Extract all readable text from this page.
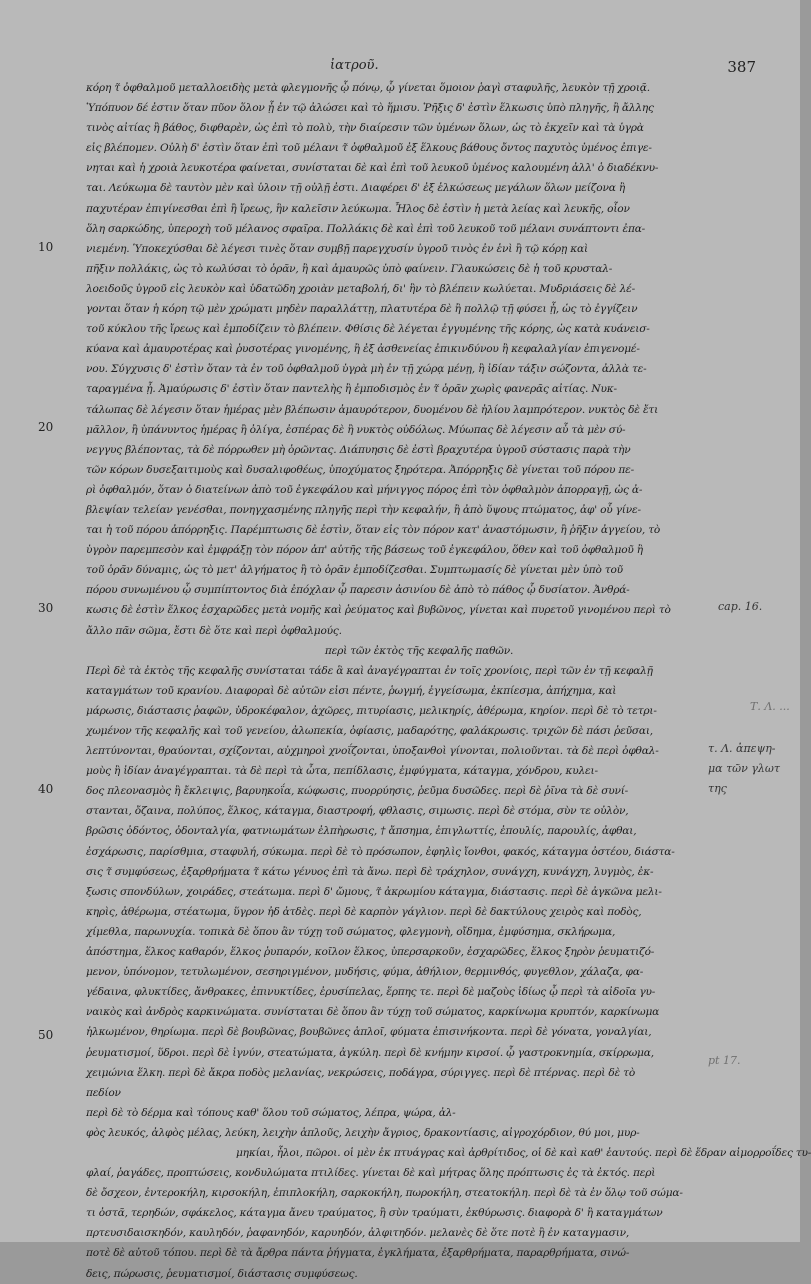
ἰατροῦ.	387
10
20
30
40
50
cap. 16.
Τ. Λ. ...
τ. Λ. ἀπεψη-
μα τῶν γλωτ
της
pt 17.
κόρη τ̃ ὀφθαλμοῦ μεταλλοειδὴς μετὰ φλεγμονῆς ᾧ πόνῳ, ᾧ γίνεται ὅμοιον ῥαγὶ σταφυλῆς, λευκὸν τῇ χροιᾷ.
Ὑπόπυον δέ ἐστιν ὅταν πῦον ὅλον ᾖ ἐν τῷ ἀλώσει καὶ τὸ ἥμισυ. Ῥῆξις δ' ἐστὶν ἕλκωσις ὑπὸ πληγῆς, ἢ ἄλλης
τινὸς αἰτίας ἢ βάθος, διφθαρὲν, ὡς ἐπὶ τὸ πολὺ, τὴν διαίρεσιν τῶν ὑμένων ὅλων, ὡς τὸ ἐκχεῖν καὶ τὰ ὑγρὰ
εἰς βλέπομεν. Οὐλὴ δ' ἐστὶν ὅταν ἐπὶ τοῦ μέλανι τ̃ ὀφθαλμοῦ ἐξ ἕλκους βάθους ὄντος παχυτὸς ὑμένος ἐπιγε-
νηται καὶ ἡ χροιὰ λευκοτέρα φαίνεται, συνίσταται δὲ καὶ ἐπὶ τοῦ λευκοῦ ὑμένος καλουμένη ἀλλ' ὁ διαδέκνυ-
ται. Λεύκωμα δὲ ταυτὸν μὲν καὶ ὑλοιν τῇ οὐλῇ ἐστι. Διαφέρει δ' ἐξ ἑλκώσεως μεγάλων ὅλων μείζονα ἢ
παχυτέραν ἐπιγίνεσθαι ἐπὶ ἢ ἴρεως, ἣν καλεῖσιν λεύκωμα. Ἦλος δὲ ἐστὶν ἡ μετὰ λείας καὶ λευκῆς, οἷον
ὅλη σαρκώδης, ὑπεροχὴ τοῦ μέλανος σφαῖρα. Πολλάκις δὲ καὶ ἐπὶ τοῦ λευκοῦ τοῦ μέλανι συνάπτοντι ἐπα-
νιεμένη. Ὑποκεχύσθαι δὲ λέγεσι τινὲς ὅταν συμβῇ παρεγχυσίν ὑγροῦ τινὸς ἐν ἑνὶ ἢ τῷ κόρῃ καὶ
πῆξιν πολλάκις, ὡς τὸ κωλύσαι τὸ ὁρᾶν, ἢ καὶ ἀμαυρῶς ὑπὸ φαίνειν. Γλαυκώσεις δὲ ἡ τοῦ κρυσταλ-
λοειδοῦς ὑγροῦ εἰς λευκὸν καὶ ὑδατῶδη χροιὰν μεταβολή, δι' ἣν τὸ βλέπειν κωλύεται. Μυδριάσεις δὲ λέ-
γονται ὅταν ἡ κόρη τῷ μὲν χρώματι μηδὲν παραλλάττῃ, πλατυτέρα δὲ ἢ πολλῷ τῇ φύσει ᾖ, ὡς τὸ ἐγγίζειν
τοῦ κύκλου τῆς ἴρεως καὶ ἐμποδίζειν τὸ βλέπειν. Φθίσις δὲ λέγεται ἐγγυμένης τῆς κόρης, ὡς κατὰ κυάνεισ-
κύανα καὶ ἀμαυροτέρας καὶ ῥυσοτέρας γινομένης, ἢ ἐξ ἀσθενείας ἐπικινδύνου ἢ κεφαλαλγίαν ἐπιγενομέ-
νου. Σύγχυσις δ' ἐστὶν ὅταν τὰ ἐν τοῦ ὀφθαλμοῦ ὑγρὰ μὴ ἐν τῇ χώρᾳ μένῃ, ἢ ἰδίαν τάξιν σώζοντα, ἀλλὰ τε-
ταραγμένα ᾖ. Ἀμαύρωσις δ' ἐστὶν ὅταν παντελὴς ἢ ἐμποδισμὸς ἐν τ̃ ὁρᾶν χωρὶς φανερᾶς αἰτίας. Νυκ-
τάλωπας δὲ λέγεσιν ὅταν ἡμέρας μὲν βλέπωσιν ἀμαυρότερον, δυομένου δὲ ἡλίου λαμπρότερον. νυκτὸς δὲ ἔτι
μᾶλλον, ἢ ὑπάνυντος ἡμέρας ἢ ὀλίγα, ἐσπέρας δὲ ἢ νυκτὸς οὐδόλως. Μύωπας δὲ λέγεσιν αὖ τὰ μὲν σύ-
νεγγυς βλέποντας, τὰ δὲ πόρρωθεν μὴ ὁρῶντας. Διάπυησις δὲ ἐστὶ βραχυτέρα ὑγροῦ σύστασις παρὰ τὴν
τῶν κόρων δυσεξαιτιμοὺς καὶ δυσαλιφοθέως, ὑποχύματος ξηρότερα. Ἀπόρρηξις δὲ γίνεται τοῦ πόρου πε-
ρὶ ὀφθαλμόν, ὅταν ὁ διατείνων ἀπὸ τοῦ ἐγκεφάλου καὶ μήνιγγος πόρος ἐπὶ τὸν ὀφθαλμὸν ἀπορραγῇ, ὡς ἀ-
βλεψίαν τελείαν γενέσθαι, πονηγχασμένης πληγῆς περὶ τὴν κεφαλήν, ἢ ἀπὸ ὕψους πτώματος, ἀφ' οὗ γίνε-
ται ἡ τοῦ πόρου ἀπόρρηξις. Παρέμπτωσις δὲ ἐστὶν, ὅταν εἰς τὸν πόρον κατ' ἀναστόμωσιν, ἢ ῥῆξιν ἀγγείου, τὸ
ὑγρὸν παρεμπεσὸν καὶ ἐμφράξῃ τὸν πόρον ἀπ' αὐτῆς τῆς βάσεως τοῦ ἐγκεφάλου, ὅθεν καὶ τοῦ ὀφθαλμοῦ ἢ
τοῦ ὁρᾶν δύναμις, ὡς τὸ μετ' ἀλγήματος ἢ τὸ ὁρᾶν ἐμποδίζεσθαι. Συμπτωμασίς δὲ γίνεται μὲν ὑπὸ τοῦ
πόρου συνωμένου ᾧ συμπίπτοντος διὰ ἐπόχλαν ᾧ παρεσιν ἀσινίου δὲ ἀπὸ τὸ πάθος ᾧ δυσίατον. Ἀνθρά-
κωσις δὲ ἐστὶν ἕλκος ἐσχαρῶδες μετὰ νομῆς καὶ ῥεύματος καὶ βυβῶνος, γίνεται καὶ πυρετοῦ γινομένου περὶ τὸ
ἄλλο πᾶν σῶμα, ἔστι δὲ ὅτε καὶ περὶ ὀφθαλμούς.
περὶ τῶν ἐκτὸς τῆς κεφαλῆς παθῶν.
Περὶ δὲ τὰ ἐκτὸς τῆς κεφαλῆς συνίσταται τάδε ἃ καὶ ἀναγέγραπται ἐν τοῖς χρονίοις, περὶ τῶν ἐν τῇ κεφαλῇ
καταγμάτων τοῦ κρανίου. Διαφοραὶ δὲ αὐτῶν εἰσι πέντε, ῥωγμή, ἐγγείσωμα, ἐκπίεσμα, ἀπήχημα, καὶ
μάρωσις, διάστασις ῥαφῶν, ὑδροκέφαλον, ἀχῶρες, πιτυρίασις, μελικηρίς, ἀθέρωμα, κηρίον. περὶ δὲ τὸ τετρι-
χωμένον τῆς κεφαλῆς καὶ τοῦ γενείου, ἀλωπεκία, ὀφίασις, μαδαρότης, φαλάκρωσις. τριχῶν δὲ πάσι ῥεῦσαι,
λεπτύνονται, θραύονται, σχίζονται, αὐχμηροὶ χνοΐζονται, ὑποξανθοὶ γίνονται, πολιοῦνται. τὰ δὲ περὶ ὀφθαλ-
μοὺς ἢ ἰδίαν ἀναγέγραπται. τὰ δὲ περὶ τὰ ὦτα, πεπίδλασις, ἐμφύγματα, κάταγμα, χόνδρου, κυλει-
δος πλεονασμὸς ἢ ἔκλειψις, βαρυηκοΐα, κώφωσις, πυορρύησις, ῥεῦμα δυσῶδες. περὶ δὲ ῥῖνα τὰ δὲ συνί-
στανται, ὄζαινα, πολύπος, ἕλκος, κάταγμα, διαστροφή, φθλασις, σιμωσις. περὶ δὲ στόμα, σὺν τε οὐλὸν,
βρῶσις ὀδόντος, ὀδονταλγία, φατνιωμάτων ἐλπὴρωσις, † ἄπσημα, ἐπιγλωττίς, ἐπουλίς, παρουλίς, ἀφθαι,
ἐσχάρωσις, παρίσθμια, σταφυλή, σύκωμα. περὶ δὲ τὸ πρόσωπον, ἐφηλὶς ἴονθοι, φακός, κάταγμα ὀστέου, διάστα-
σις τ̃ συμφύσεως, ἐξαρθρήματα τ̃ κάτω γένυος ἐπὶ τὰ ἄνω. περὶ δὲ τράχηλον, συνάγχη, κυνάγχη, λυγμὸς, ἐκ-
ξωσις σπονδύλων, χοιράδες, στεάτωμα. περὶ δ' ὤμους, τ̃ ἀκρωμίου κάταγμα, διάστασις. περὶ δὲ ἀγκῶνα μελι-
κηρὶς, ἀθέρωμα, στέατωμα, ὕγρον ἠδ ἀτδὲς. περὶ δὲ καρπὸν γάγλιον. περὶ δὲ δακτύλους χειρὸς καὶ ποδὸς,
χίμεθλα, παρωνυχία. τοπικὰ δὲ ὅπου ἂν τύχῃ τοῦ σώματος, φλεγμονὴ, οἴδημα, ἐμφύσημα, σκλήρωμα,
ἀπόστημα, ἕλκος καθαρόν, ἕλκος ῥυπαρόν, κοῖλον ἕλκος, ὑπερσαρκοῦν, ἐσχαρῶδες, ἕλκος ξηρὸν ῥευματιζό-
μενον, ὑπόνομον, τετυλωμένον, σεσηριγμένον, μυδήσις, φύμα, ἀθήλιον, θερμινθός, φυγεθλον, χάλαζα, φα-
γέδαινα, φλυκτίδες, ἄνθρακες, ἐπινυκτίδες, ἐρυσίπελας, ἕρπης τε. περὶ δὲ μαζοὺς ἰδίως ᾧ περὶ τὰ αἰδοῖα γυ-
ναικὸς καὶ ἀνδρὸς καρκινώματα. συνίσταται δὲ ὅπου ἂν τύχῃ τοῦ σώματος, καρκίνωμα κρυπτόν, καρκίνωμα
ἡλκωμένον, θηρίωμα. περὶ δὲ βουβῶνας, βουβῶνες ἁπλοῖ, φύματα ἐπισινήκοντα. περὶ δὲ γόνατα, γοναλγίαι,
ῥευματισμοί, ὕδροι. περὶ δὲ ἰγνύν, στεατώματα, ἀγκύλη. περὶ δὲ κνήμην κιρσοί. ᾧ γαστροκνημία, σκίρρωμα,
χειμώνια ἕλκη. περὶ δὲ ἄκρα ποδὸς μελανίας, νεκρώσεις, ποδάγρα, σύριγγες. περὶ δὲ πτέρνας. περὶ δὲ τὸ
πεδίον
περὶ δὲ τὸ δέρμα καὶ τόπους καθ' ὅλου τοῦ σώματος, λέπρα, ψώρα, ἀλ-
φὸς λευκός, ἀλφὸς μέλας, λεύκη, λειχὴν ἁπλοῦς, λειχὴν ἄγριος, δρακοντίασις, αἰγροχόρδιον, θύ μοι, μυρ-
μηκίαι, ἧλοι, πῶροι. οἱ μὲν ἐκ πτυάγρας καὶ ἀρθρίτιδος, οἱ δὲ καὶ καθ' ἑαυτούς. περὶ δὲ ἕδραν αἱμορροΐδες τυ-
φλαί, ῥαγάδες, προπτώσεις, κονδυλώματα πτιλίδες. γίνεται δὲ καὶ μήτρας ὅλης πρόπτωσις ἐς τὰ ἐκτός. περὶ
δὲ ὄσχεον, ἐντεροκήλη, κιρσοκήλη, ἐπιπλοκήλη, σαρκοκήλη, πωροκήλη, στεατοκήλη. περὶ δὲ τὰ ἐν ὅλῳ τοῦ σώμα-
τι ὀστᾶ, τερηδών, σφάκελος, κάταγμα ἄνευ τραύματος, ἢ σὺν τραύματι, ἐκθύρωσις. διαφορὰ δ' ἢ καταγμάτων
πρτευσιδαισκηδόν, καυληδόν, ῥαφανηδόν, καρυηδόν, ἀλφιτηδόν. μελανὲς δὲ ὅτε ποτὲ ἢ ἐν καταγμασιν,
ποτὲ δὲ αὐτοῦ τόπου. περὶ δὲ τὰ ἄρθρα πάντα ῥήγματα, ἐγκλήματα, ἐξαρθρήματα, παραρθρήματα, σινώ-
δεις, πώρωσις, ῥευματισμοί, διάστασις συμφύσεως.
